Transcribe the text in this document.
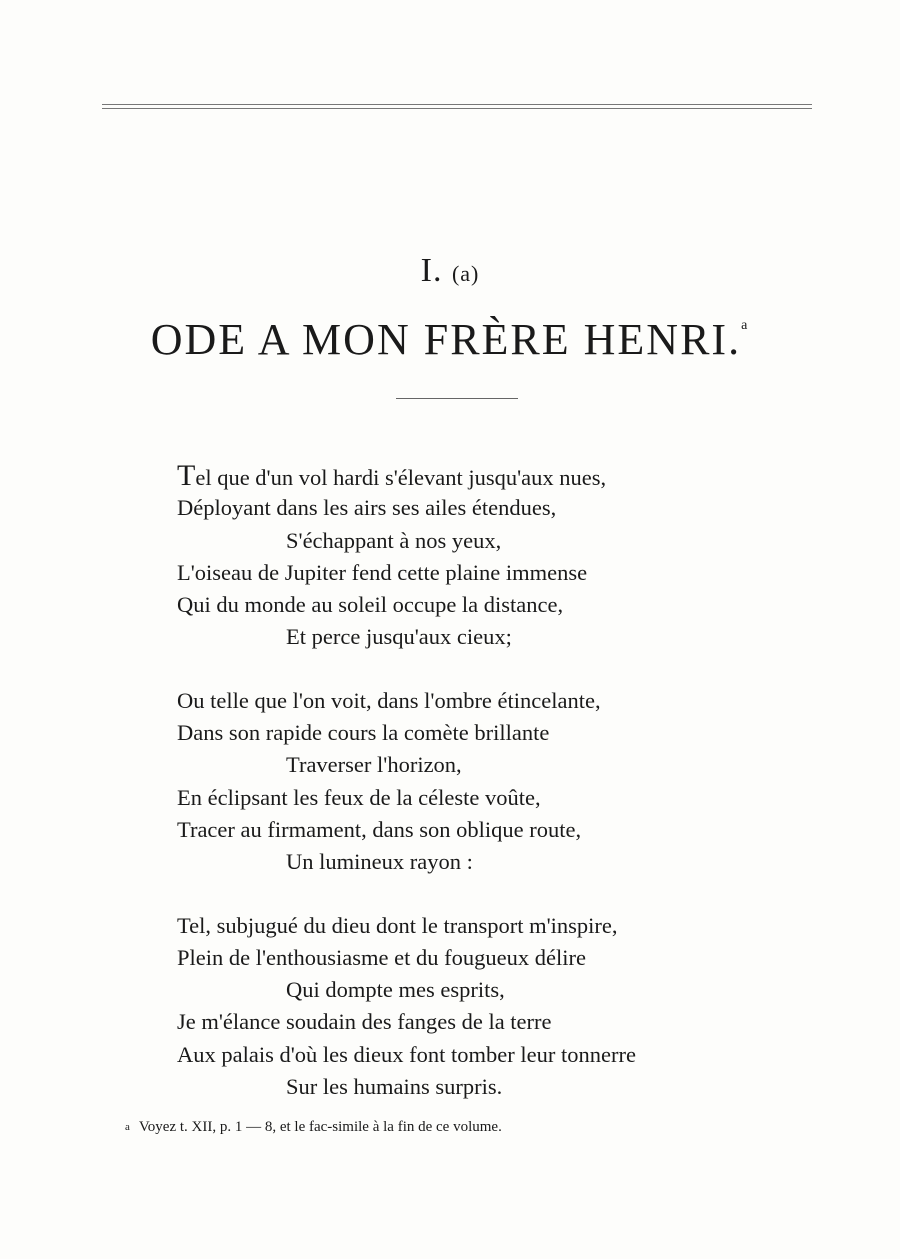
I. (a)
ODE A MON FRÈRE HENRI.$^a$
Tel que d'un vol hardi s'élevant jusqu'aux nues,
Déployant dans les airs ses ailes étendues,
S'échappant à nos yeux,
L'oiseau de Jupiter fend cette plaine immense
Qui du monde au soleil occupe la distance,
Et perce jusqu'aux cieux;
Ou telle que l'on voit, dans l'ombre étincelante,
Dans son rapide cours la comète brillante
Traverser l'horizon,
En éclipsant les feux de la céleste voûte,
Tracer au firmament, dans son oblique route,
Un lumineux rayon :
Tel, subjugué du dieu dont le transport m'inspire,
Plein de l'enthousiasme et du fougueux délire
Qui dompte mes esprits,
Je m'élance soudain des fanges de la terre
Aux palais d'où les dieux font tomber leur tonnerre
Sur les humains surpris.
a Voyez t. XII, p. 1 — 8, et le fac-simile à la fin de ce volume.
